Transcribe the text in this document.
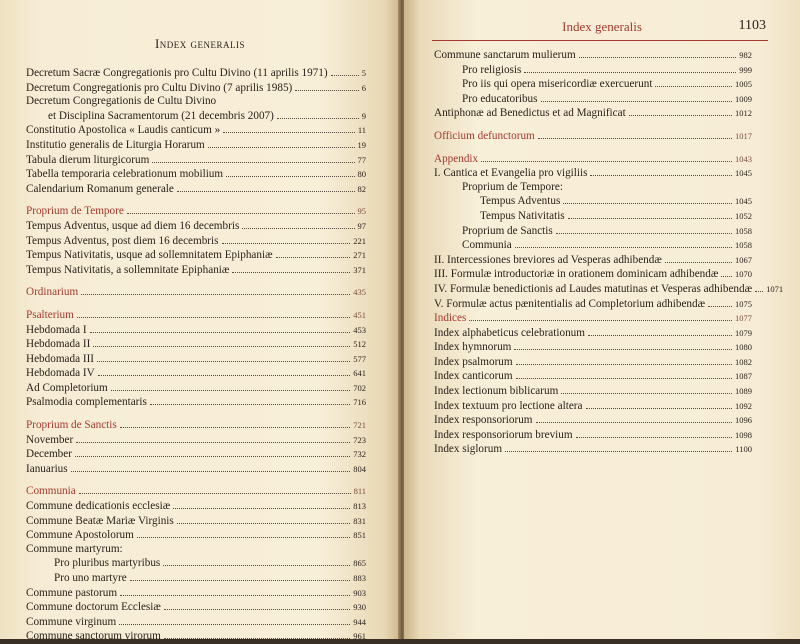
Index generalis
Decretum Sacræ Congregationis pro Cultu Divino (11 aprilis 1971)	5
Decretum Congregationis pro Cultu Divino (7 aprilis 1985)	6
Decretum Congregationis de Cultu Divino
et Disciplina Sacramentorum (21 decembris 2007)	9
Constitutio Apostolica « Laudis canticum »	11
Institutio generalis de Liturgia Horarum	19
Tabula dierum liturgicorum	77
Tabella temporaria celebrationum mobilium	80
Calendarium Romanum generale	82
Proprium de Tempore	95
Tempus Adventus, usque ad diem 16 decembris	97
Tempus Adventus, post diem 16 decembris	221
Tempus Nativitatis, usque ad sollemnitatem Epiphaniæ	271
Tempus Nativitatis, a sollemnitate Epiphaniæ	371
Ordinarium	435
Psalterium	451
Hebdomada I	453
Hebdomada II	512
Hebdomada III	577
Hebdomada IV	641
Ad Completorium	702
Psalmodia complementaris	716
Proprium de Sanctis	721
November	723
December	732
Ianuarius	804
Communia	811
Commune dedicationis ecclesiæ	813
Commune Beatæ Mariæ Virginis	831
Commune Apostolorum	851
Commune martyrum:
Pro pluribus martyribus	865
Pro uno martyre	883
Commune pastorum	903
Commune doctorum Ecclesiæ	930
Commune virginum	944
Commune sanctorum virorum	961
Index generalis	1103
Commune sanctarum mulierum	982
Pro religiosis	999
Pro iis qui opera misericordiæ exercuerunt	1005
Pro educatoribus	1009
Antiphonæ ad Benedictus et ad Magnificat	1012
Officium defunctorum	1017
Appendix	1043
I. Cantica et Evangelia pro vigiliis	1045
Proprium de Tempore:
Tempus Adventus	1045
Tempus Nativitatis	1052
Proprium de Sanctis	1058
Communia	1058
II. Intercessiones breviores ad Vesperas adhibendæ	1067
III. Formulæ introductoriæ in orationem dominicam adhibendæ 1070
IV. Formulæ benedictionis ad Laudes matutinas et Vesperas adhibendæ 1071
V. Formulæ actus pænitentialis ad Completorium adhibendæ	1075
Indices	1077
Index alphabeticus celebrationum	1079
Index hymnorum	1080
Index psalmorum	1082
Index canticorum	1087
Index lectionum biblicarum	1089
Index textuum pro lectione altera	1092
Index responsoriorum	1096
Index responsoriorum brevium	1098
Index siglorum	1100
